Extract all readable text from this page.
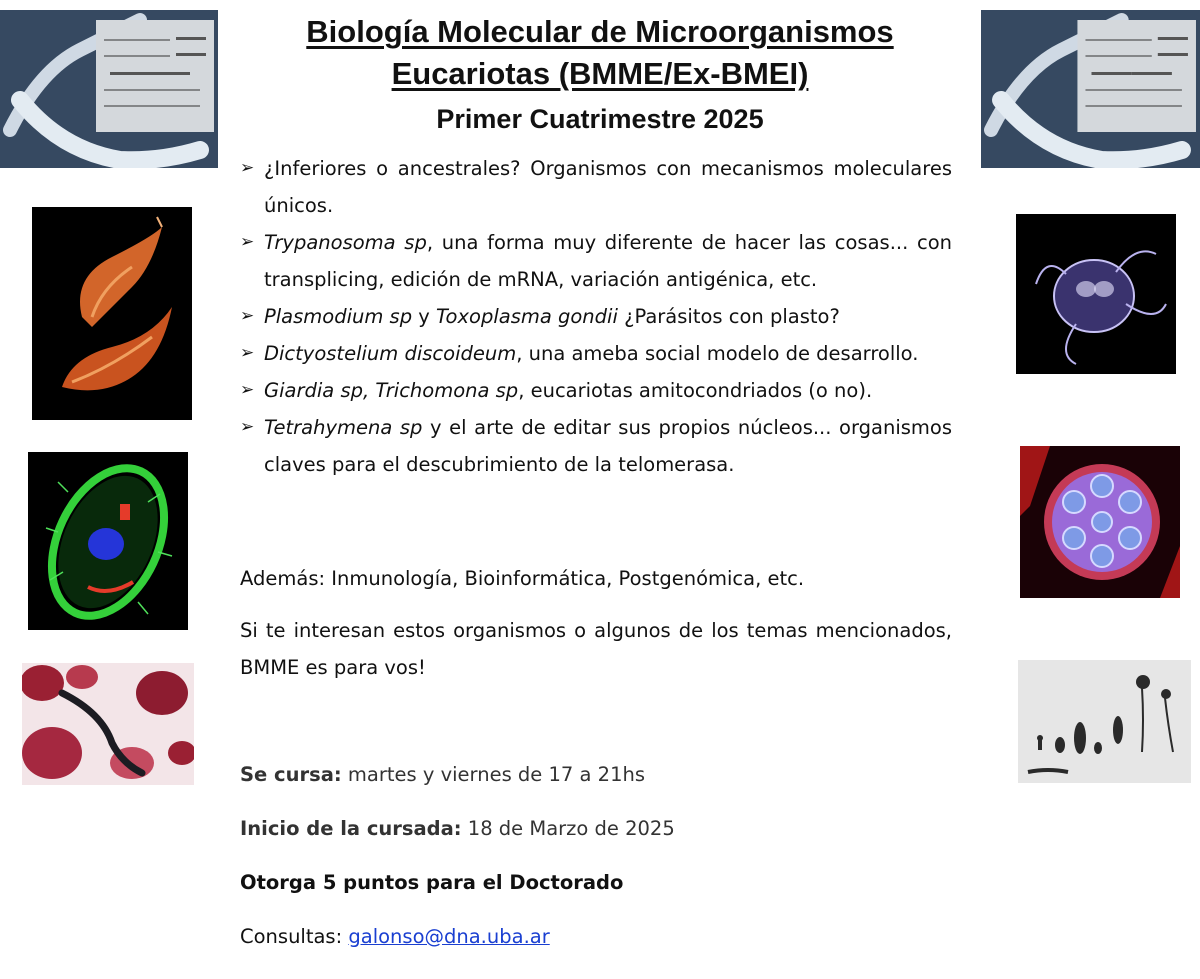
Biología Molecular de Microorganismos
Eucariotas (BMME/Ex-BMEI)
Primer Cuatrimestre 2025
➢ ¿Inferiores o ancestrales? Organismos con mecanismos moleculares únicos.
➢ Trypanosoma sp, una forma muy diferente de hacer las cosas... con transplicing, edición de mRNA, variación antigénica, etc.
➢ Plasmodium sp y Toxoplasma gondii ¿Parásitos con plasto?
➢ Dictyostelium discoideum, una ameba social modelo de desarrollo.
➢ Giardia sp, Trichomona sp, eucariotas amitocondriados (o no).
➢ Tetrahymena sp y el arte de editar sus propios núcleos... organismos claves para el descubrimiento de la telomerasa.

Además: Inmunología, Bioinformática, Postgenómica, etc.

Si te interesan estos organismos o algunos de los temas mencionados, BMME es para vos!

Se cursa: martes y viernes de 17 a 21hs
Inicio de la cursada: 18 de Marzo de 2025
Otorga 5 puntos para el Doctorado
Consultas: galonso@dna.uba.ar
